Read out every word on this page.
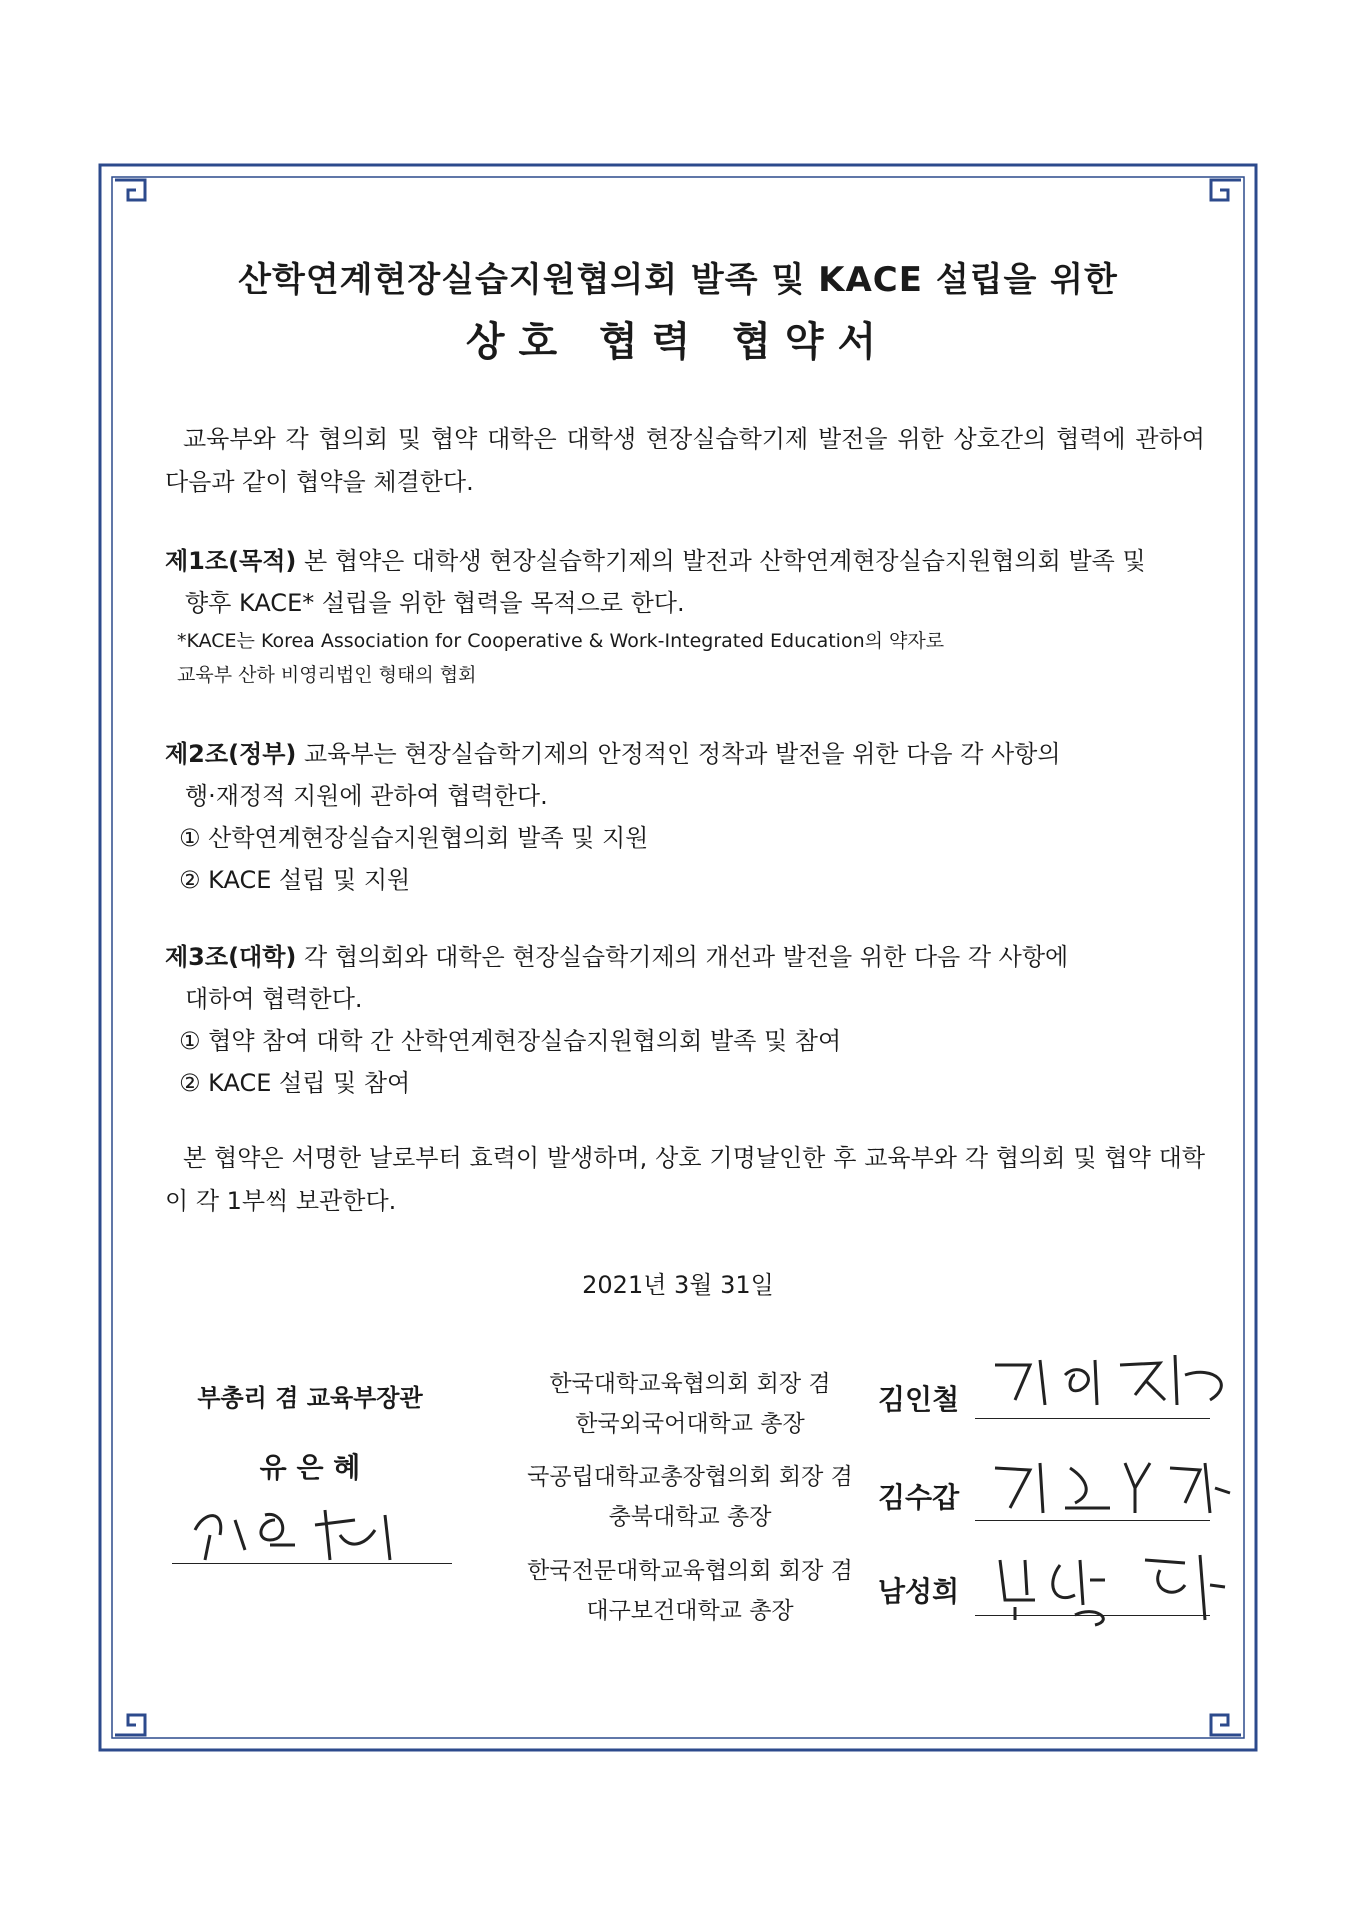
산학연계현장실습지원협의회 발족 및 KACE 설립을 위한
상호 협력 협약서
교육부와 각 협의회 및 협약 대학은 대학생 현장실습학기제 발전을 위한 상호간의 협력에 관하여 다음과 같이 협약을 체결한다.
제1조(목적) 본 협약은 대학생 현장실습학기제의 발전과 산학연계현장실습지원협의회 발족 및
향후 KACE* 설립을 위한 협력을 목적으로 한다.
*KACE는 Korea Association for Cooperative & Work-Integrated Education의 약자로
교육부 산하 비영리법인 형태의 협회
제2조(정부) 교육부는 현장실습학기제의 안정적인 정착과 발전을 위한 다음 각 사항의
행·재정적 지원에 관하여 협력한다.
① 산학연계현장실습지원협의회 발족 및 지원
② KACE 설립 및 지원
제3조(대학) 각 협의회와 대학은 현장실습학기제의 개선과 발전을 위한 다음 각 사항에
대하여 협력한다.
① 협약 참여 대학 간 산학연계현장실습지원협의회 발족 및 참여
② KACE 설립 및 참여
본 협약은 서명한 날로부터 효력이 발생하며, 상호 기명날인한 후 교육부와 각 협의회 및 협약 대학이 각 1부씩 보관한다.
2021년 3월 31일
부총리 겸 교육부장관
유 은 혜
한국대학교육협의회 회장 겸
한국외국어대학교 총장
김인철
국공립대학교총장협의회 회장 겸
충북대학교 총장
김수갑
한국전문대학교육협의회 회장 겸
대구보건대학교 총장
남성희
